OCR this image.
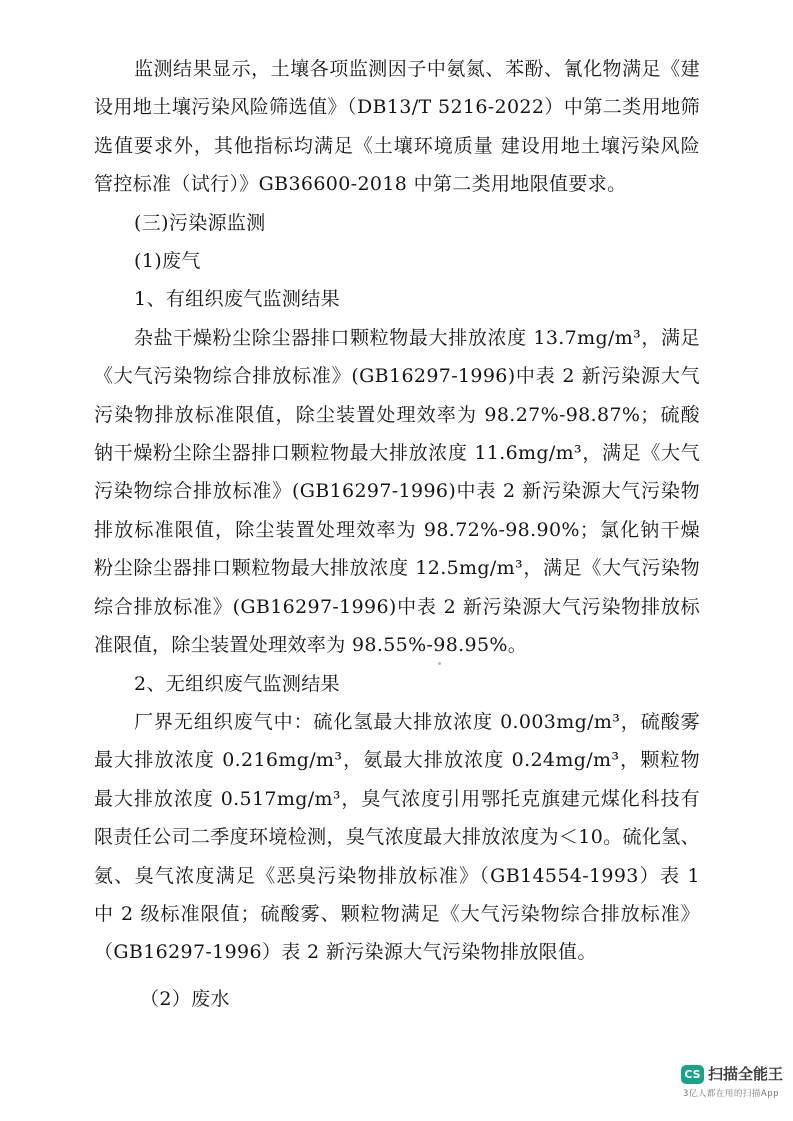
监测结果显示，土壤各项监测因子中氨氮、苯酚、氰化物满足《建设用地土壤污染风险筛选值》（DB13/T 5216-2022）中第二类用地筛选值要求外，其他指标均满足《土壤环境质量 建设用地土壤污染风险管控标准（试行）》GB36600-2018 中第二类用地限值要求。

(三)污染源监测

(1)废气

1、有组织废气监测结果

杂盐干燥粉尘除尘器排口颗粒物最大排放浓度 13.7mg/m³，满足《大气污染物综合排放标准》(GB16297-1996)中表 2 新污染源大气污染物排放标准限值，除尘装置处理效率为 98.27%-98.87%；硫酸钠干燥粉尘除尘器排口颗粒物最大排放浓度 11.6mg/m³，满足《大气污染物综合排放标准》(GB16297-1996)中表 2 新污染源大气污染物排放标准限值，除尘装置处理效率为 98.72%-98.90%；氯化钠干燥粉尘除尘器排口颗粒物最大排放浓度 12.5mg/m³，满足《大气污染物综合排放标准》(GB16297-1996)中表 2 新污染源大气污染物排放标准限值，除尘装置处理效率为 98.55%-98.95%。

2、无组织废气监测结果

厂界无组织废气中：硫化氢最大排放浓度 0.003mg/m³，硫酸雾最大排放浓度 0.216mg/m³，氨最大排放浓度 0.24mg/m³，颗粒物最大排放浓度 0.517mg/m³，臭气浓度引用鄂托克旗建元煤化科技有限责任公司二季度环境检测，臭气浓度最大排放浓度为＜10。硫化氢、氨、臭气浓度满足《恶臭污染物排放标准》（GB14554-1993）表 1 中 2 级标准限值；硫酸雾、颗粒物满足《大气污染物综合排放标准》（GB16297-1996）表 2 新污染源大气污染物排放限值。

（2）废水

CS 扫描全能王
3亿人都在用的扫描App
